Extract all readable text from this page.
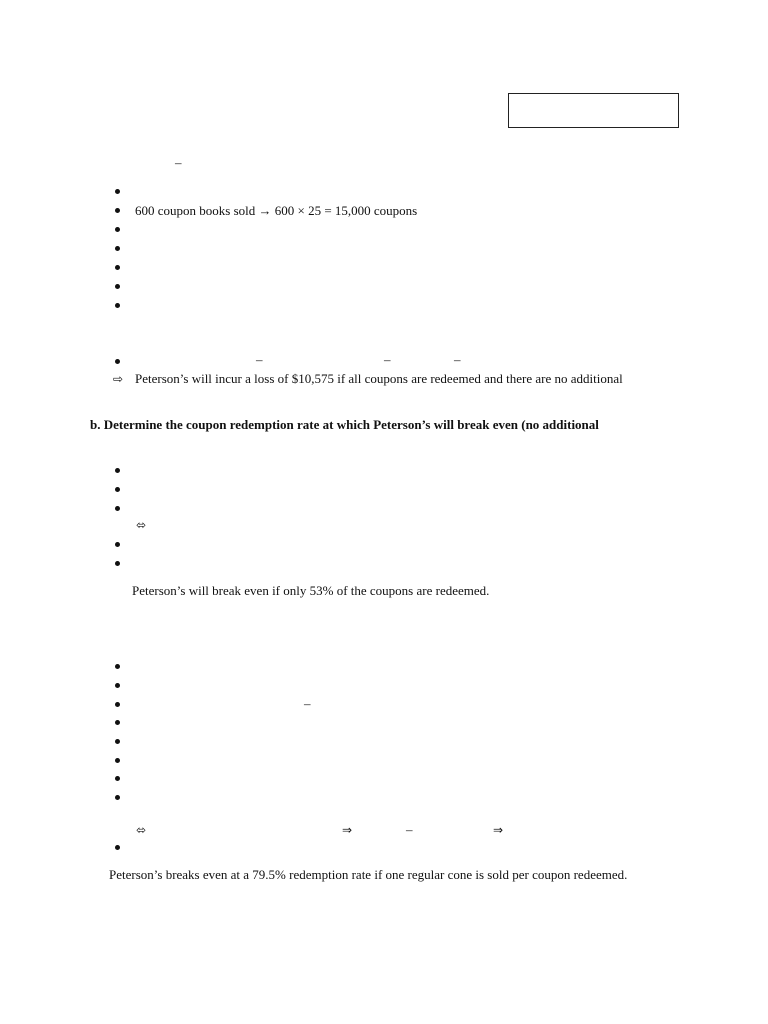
–
600 coupon books sold → 600 × 25 = 15,000 coupons
–	–	–
⇨ Peterson’s will incur a loss of $10,575 if all coupons are redeemed and there are no additional
b. Determine the coupon redemption rate at which Peterson’s will break even (no additional
⬄
Peterson’s will break even if only 53% of the coupons are redeemed.
–
⬄	⇒	–	⇒
Peterson’s breaks even at a 79.5% redemption rate if one regular cone is sold per coupon redeemed.
